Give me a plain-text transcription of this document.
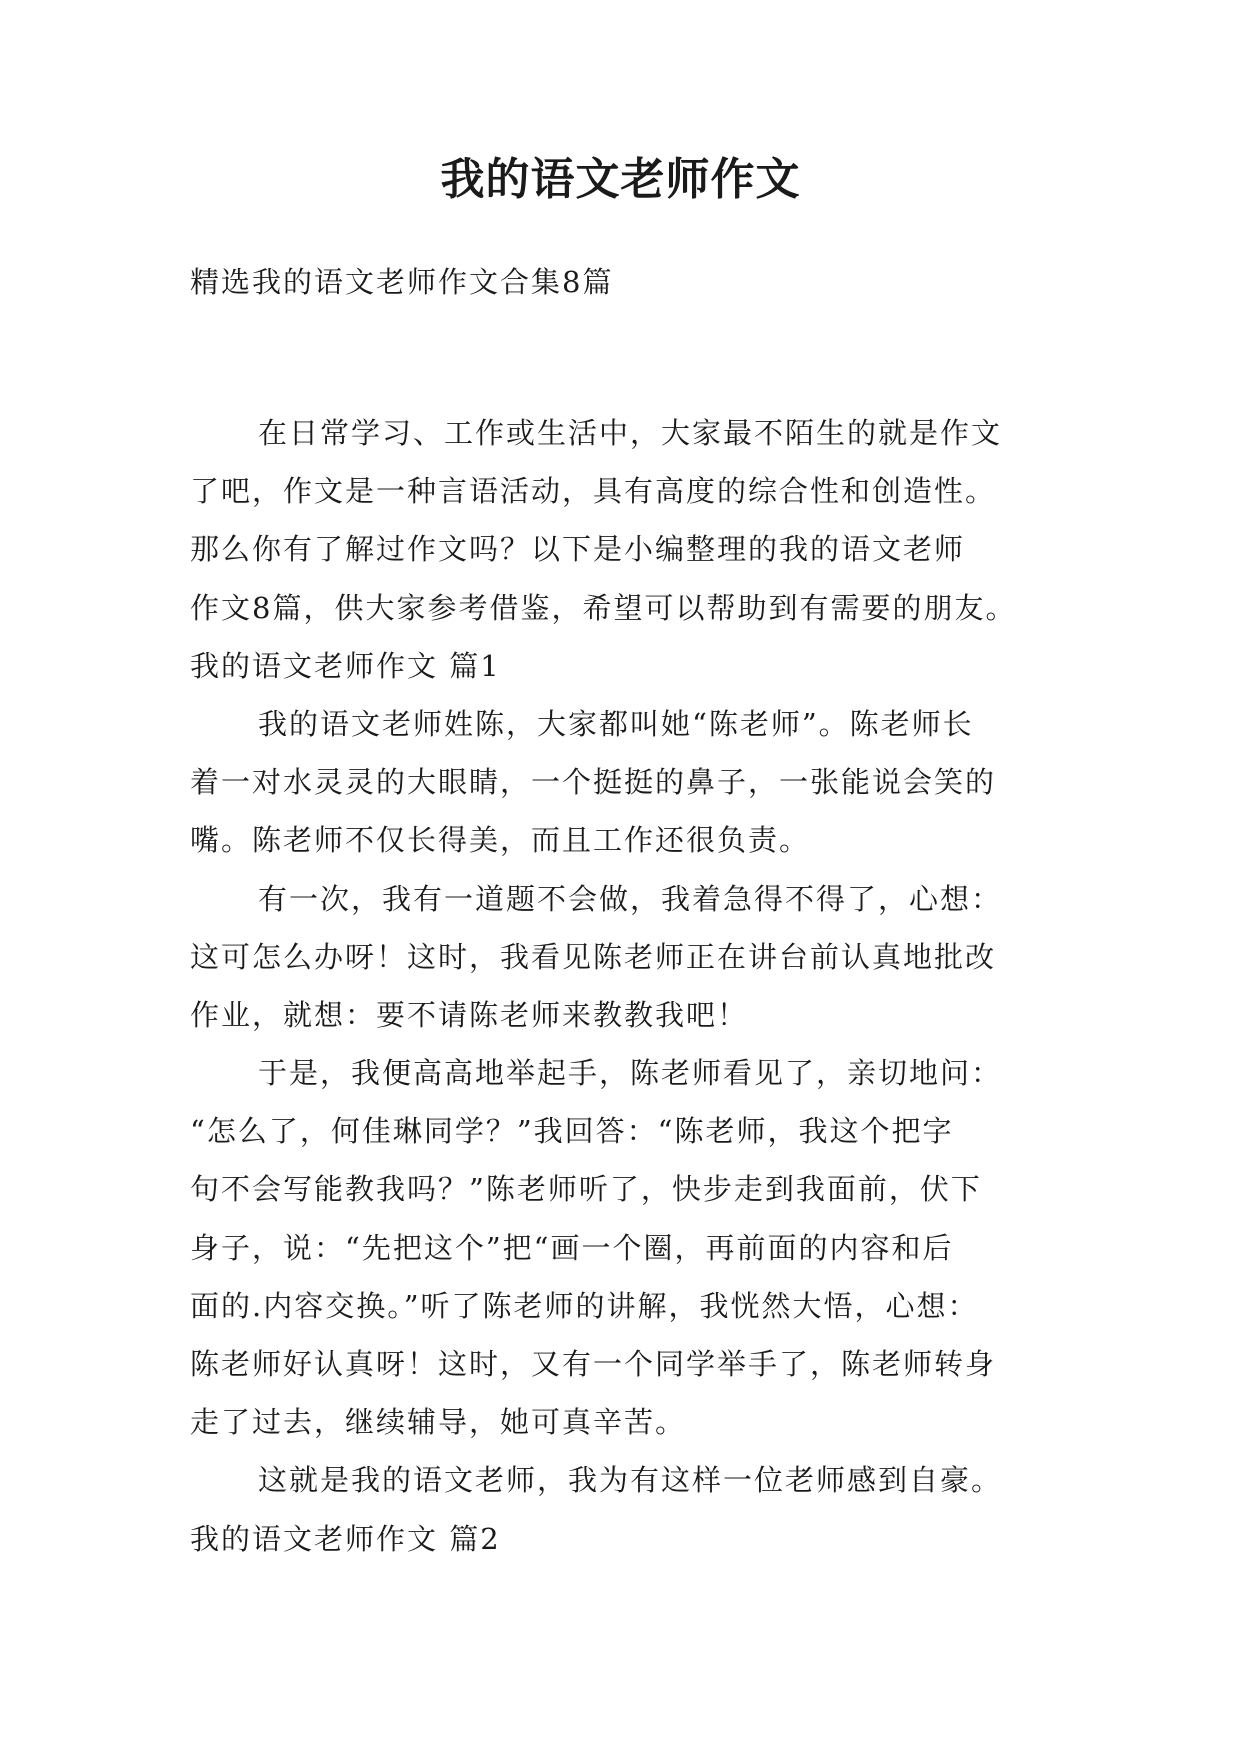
我的语文老师作文
精选我的语文老师作文合集8篇
在日常学习、工作或生活中，大家最不陌生的就是作文
了吧，作文是一种言语活动，具有高度的综合性和创造性。
那么你有了解过作文吗？以下是小编整理的我的语文老师
作文8篇，供大家参考借鉴，希望可以帮助到有需要的朋友。
我的语文老师作文 篇1
我的语文老师姓陈，大家都叫她“陈老师”。陈老师长
着一对水灵灵的大眼睛，一个挺挺的鼻子，一张能说会笑的
嘴。陈老师不仅长得美，而且工作还很负责。
有一次，我有一道题不会做，我着急得不得了，心想：
这可怎么办呀！这时，我看见陈老师正在讲台前认真地批改
作业，就想：要不请陈老师来教教我吧！
于是，我便高高地举起手，陈老师看见了，亲切地问：
“怎么了，何佳琳同学？”我回答：“陈老师，我这个把字
句不会写能教我吗？”陈老师听了，快步走到我面前，伏下
身子，说：“先把这个”把“画一个圈，再前面的内容和后
面的.内容交换。”听了陈老师的讲解，我恍然大悟，心想：
陈老师好认真呀！这时，又有一个同学举手了，陈老师转身
走了过去，继续辅导，她可真辛苦。
这就是我的语文老师，我为有这样一位老师感到自豪。
我的语文老师作文 篇2
